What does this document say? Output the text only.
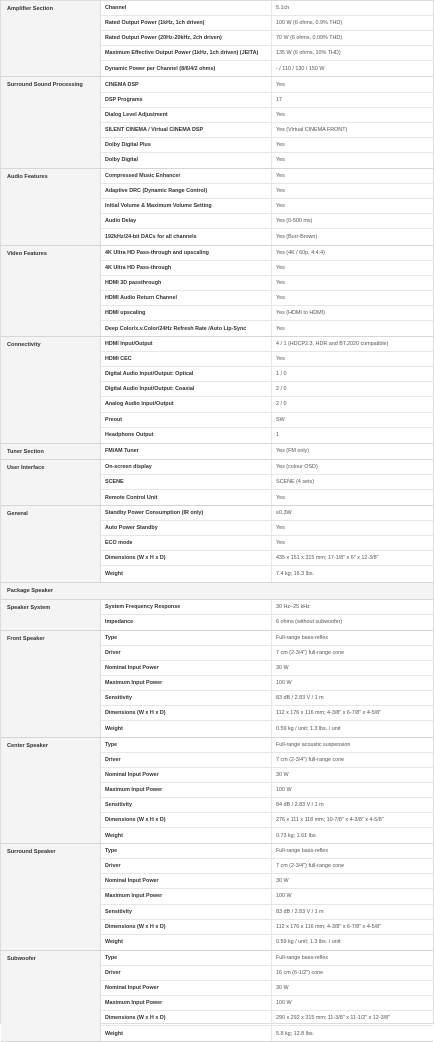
Amplifier Section	Channel	5.1ch
Rated Output Power (1kHz, 1ch driven)	100 W (6 ohms, 0.9% THD)
Rated Output Power (20Hz-20kHz, 2ch driven)	70 W (6 ohms, 0.09% THD)
Maximum Effective Output Power (1kHz, 1ch driven) (JEITA)	135 W (6 ohms, 10% THD)
Dynamic Power per Channel (8/6/4/2 ohms)	- / 110 / 130 / 150 W
Surround Sound Processing	CINEMA DSP	Yes
DSP Programs	17
Dialog Level Adjustment	Yes
SILENT CINEMA / Virtual CINEMA DSP	Yes (Virtual CINEMA FRONT)
Dolby Digital Plus	Yes
Dolby Digital	Yes
Audio Features	Compressed Music Enhancer	Yes
Adaptive DRC (Dynamic Range Control)	Yes
Initial Volume & Maximum Volume Setting	Yes
Audio Delay	Yes (0-500 ms)
192kHz/24-bit DACs for all channels	Yes (Burr-Brown)
Video Features	4K Ultra HD Pass-through and upscaling	Yes (4K / 60p, 4:4:4)
4K Ultra HD Pass-through	Yes
HDMI 3D passthrough	Yes
HDMI Audio Return Channel	Yes
HDMI upscaling	Yes (HDMI to HDMI)
Deep Color/x.v.Color/24Hz Refresh Rate /Auto Lip-Sync	Yes
Connectivity	HDMI Input/Output	4 / 1 (HDCP2.3, HDR and BT.2020 compatible)
HDMI CEC	Yes
Digital Audio Input/Output: Optical	1 / 0
Digital Audio Input/Output: Coaxial	2 / 0
Analog Audio Input/Output	2 / 0
Preout	SW
Headphone Output	1
Tuner Section	FM/AM Tuner	Yes (FM only)
User Interface	On-screen display	Yes (colour OSD)
SCENE	SCENE (4 sets)
Remote Control Unit	Yes
General	Standby Power Consumption (IR only)	≤0.3W
Auto Power Standby	Yes
ECO mode	Yes
Dimensions (W x H x D)	435 x 151 x 315 mm; 17-1/8" x 6" x 12-3/8"
Weight	7.4 kg; 16.3 lbs.
Package Speaker
Speaker System	System Frequency Response	30 Hz–25 kHz
Impedance	6 ohms (without subwoofer)
Front Speaker	Type	Full-range bass-reflex
Driver	7 cm (2-3/4") full-range cone
Nominal Input Power	30 W
Maximum Input Power	100 W
Sensitivity	83 dB / 2.83 V / 1 m
Dimensions (W x H x D)	112 x 176 x 116 mm; 4-3/8" x 6-7/8" x 4-5/8"
Weight	0.59 kg / unit; 1.3 lbs. / unit
Center Speaker	Type	Full-range acoustic suspension
Driver	7 cm (2-3/4") full-range cone
Nominal Input Power	30 W
Maximum Input Power	100 W
Sensitivity	84 dB / 2.83 V / 1 m
Dimensions (W x H x D)	276 x 111 x 118 mm; 10-7/8" x 4-3/8" x 4-5/8"
Weight	0.73 kg; 1.61 lbs.
Surround Speaker	Type	Full-range bass-reflex
Driver	7 cm (2-3/4") full-range cone
Nominal Input Power	30 W
Maximum Input Power	100 W
Sensitivity	83 dB / 2.83 V / 1 m
Dimensions (W x H x D)	112 x 176 x 116 mm; 4-3/8" x 6-7/8" x 4-5/8"
Weight	0.59 kg / unit; 1.3 lbs. / unit
Subwoofer	Type	Full-range bass-reflex
Driver	16 cm (6-1/2") cone
Nominal Input Power	30 W
Maximum Input Power	100 W
Dimensions (W x H x D)	290 x 292 x 315 mm; 11-3/8" x 11-1/2" x 12-3/8"
Weight	5.8 kg; 12.8 lbs.
